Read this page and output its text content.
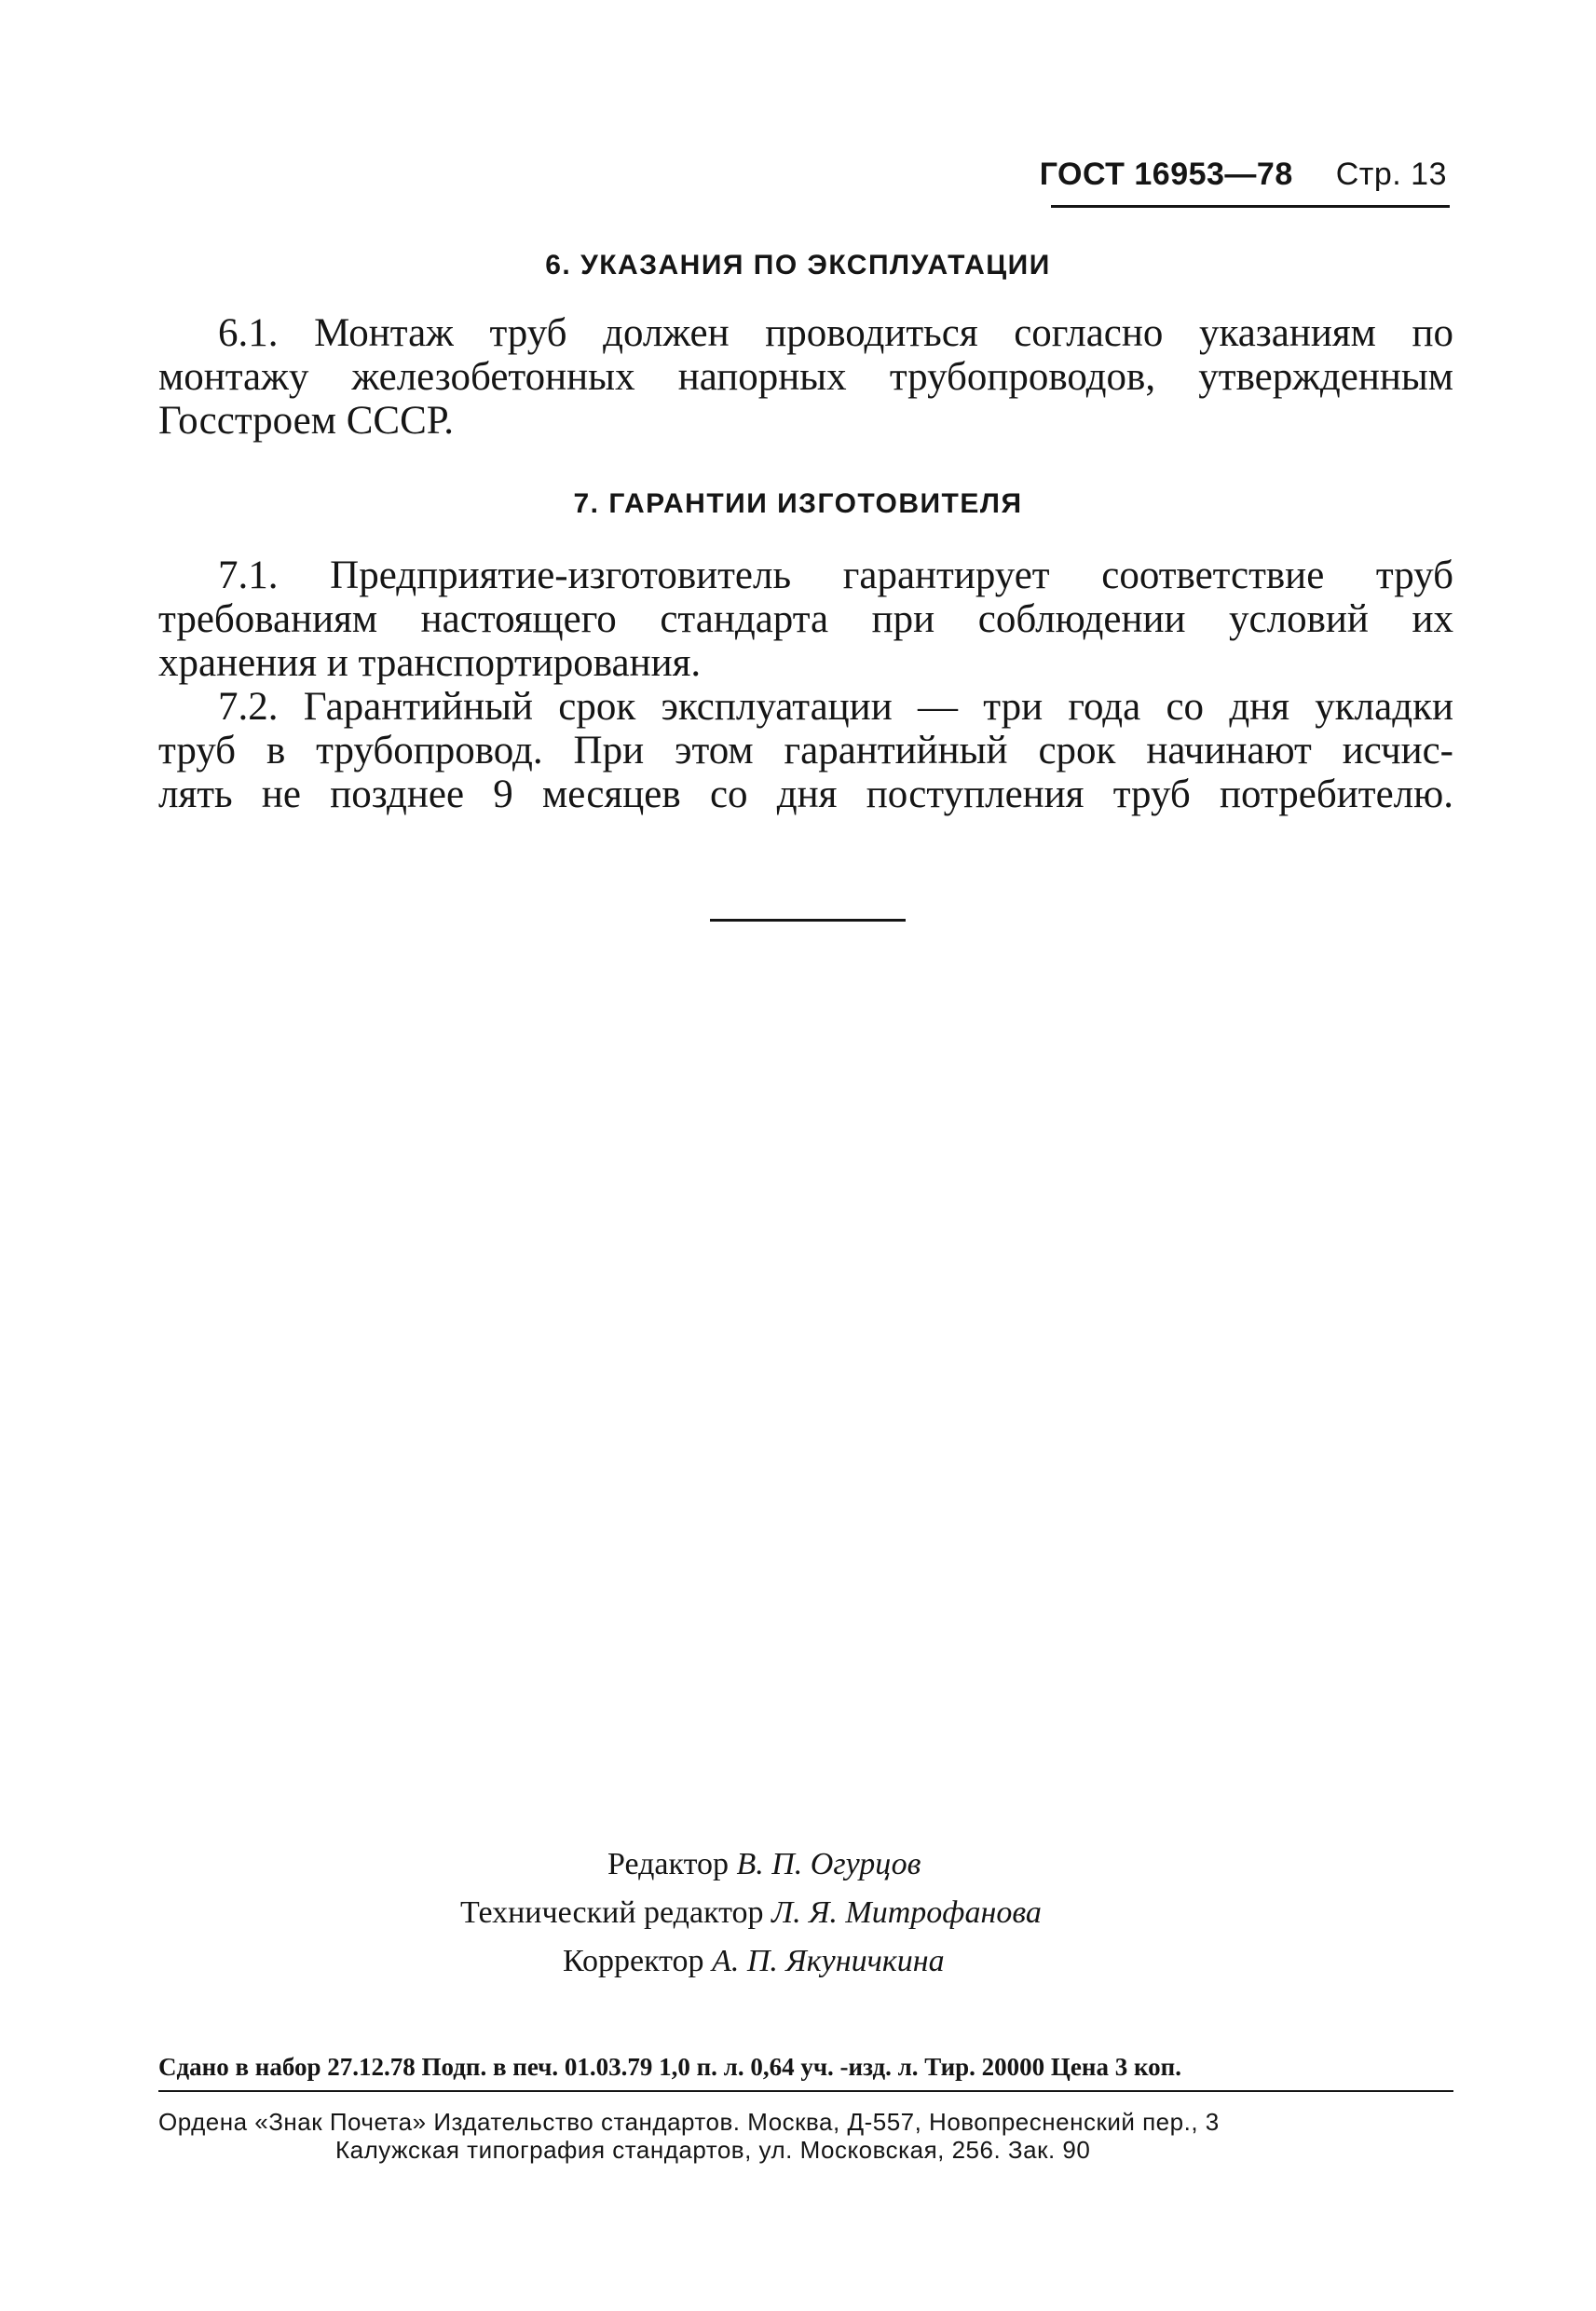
ГОСТ 16953—78 Стр. 13
6. УКАЗАНИЯ ПО ЭКСПЛУАТАЦИИ
6.1. Монтаж труб должен проводиться согласно указаниям по
монтажу железобетонных напорных трубопроводов, утвержденным
Госстроем СССР.
7. ГАРАНТИИ ИЗГОТОВИТЕЛЯ
7.1. Предприятие-изготовитель гарантирует соответствие труб
требованиям настоящего стандарта при соблюдении условий их
хранения и транспортирования.
7.2. Гарантийный срок эксплуатации — три года со дня укладки
труб в трубопровод. При этом гарантийный срок начинают исчис-
лять не позднее 9 месяцев со дня поступления труб потребителю.
Редактор В. П. Огурцов
Технический редактор Л. Я. Митрофанова
Корректор А. П. Якуничкина
Сдано в набор 27.12.78 Подп. в печ. 01.03.79 1,0 п. л. 0,64 уч. -изд. л. Тир. 20000 Цена 3 коп.
Ордена «Знак Почета» Издательство стандартов. Москва, Д-557, Новопресненский пер., 3
Калужская типография стандартов, ул. Московская, 256. Зак. 90
